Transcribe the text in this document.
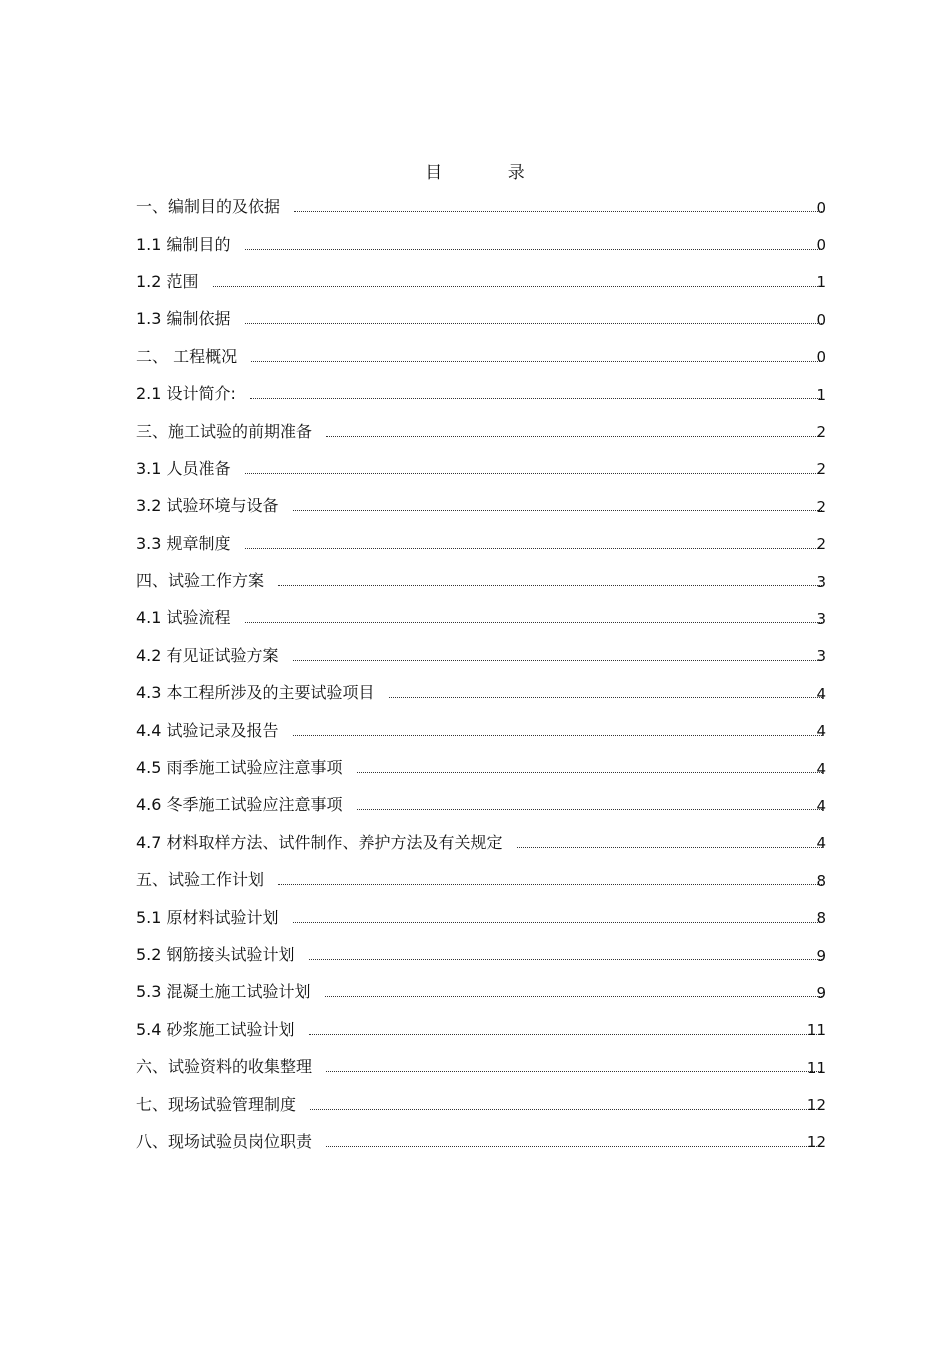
目 录
一、编制目的及依据	0
1.1 编制目的	0
1.2 范围	1
1.3 编制依据	0
二、 工程概况	0
2.1 设计简介:	1
三、施工试验的前期准备	2
3.1 人员准备	2
3.2 试验环境与设备	2
3.3 规章制度	2
四、试验工作方案	3
4.1 试验流程	3
4.2 有见证试验方案	3
4.3 本工程所涉及的主要试验项目	4
4.4 试验记录及报告	4
4.5 雨季施工试验应注意事项	4
4.6 冬季施工试验应注意事项	4
4.7 材料取样方法、试件制作、养护方法及有关规定	4
五、试验工作计划	8
5.1 原材料试验计划	8
5.2 钢筋接头试验计划	9
5.3 混凝土施工试验计划	9
5.4 砂浆施工试验计划	11
六、试验资料的收集整理	11
七、现场试验管理制度	12
八、现场试验员岗位职责	12
